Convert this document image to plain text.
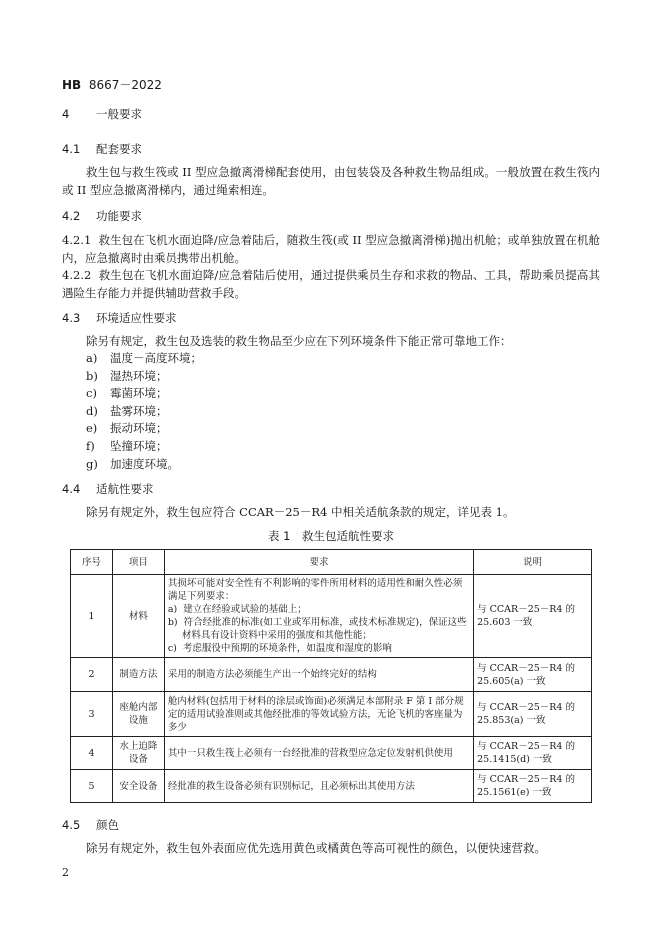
HB 8667－2022
4 一般要求
4.1 配套要求
救生包与救生筏或 II 型应急撤离滑梯配套使用，由包装袋及各种救生物品组成。一般放置在救生筏内或 II 型应急撤离滑梯内，通过绳索相连。
4.2 功能要求
4.2.1 救生包在飞机水面迫降/应急着陆后，随救生筏(或 II 型应急撤离滑梯)抛出机舱；或单独放置在机舱内，应急撤离时由乘员携带出机舱。
4.2.2 救生包在飞机水面迫降/应急着陆后使用，通过提供乘员生存和求救的物品、工具，帮助乘员提高其遇险生存能力并提供辅助营救手段。
4.3 环境适应性要求
除另有规定，救生包及选装的救生物品至少应在下列环境条件下能正常可靠地工作：
a) 温度－高度环境；
b) 湿热环境；
c) 霉菌环境；
d) 盐雾环境；
e) 振动环境；
f) 坠撞环境；
g) 加速度环境。
4.4 适航性要求
除另有规定外，救生包应符合 CCAR－25－R4 中相关适航条款的规定，详见表 1。
表 1　救生包适航性要求
序号	项目	要求	说明
1	材料	其损坏可能对安全性有不利影响的零件所用材料的适用性和耐久性必须满足下列要求：
a)  建立在经验或试验的基础上；
b)  符合经批准的标准(如工业或军用标准，或技术标准规定)，保证这些材料具有设计资料中采用的强度和其他性能；
c)  考虑服役中预期的环境条件，如温度和湿度的影响	与 CCAR－25－R4 的 25.603 一致
2	制造方法	采用的制造方法必须能生产出一个始终完好的结构	与 CCAR－25－R4 的 25.605(a) 一致
3	座舱内部设施	舱内材料(包括用于材料的涂层或饰面)必须满足本部附录 F 第 I 部分规定的适用试验准则或其他经批准的等效试验方法，无论飞机的客座量为多少	与 CCAR－25－R4 的 25.853(a) 一致
4	水上迫降设备	其中一只救生筏上必须有一台经批准的营救型应急定位发射机供使用	与 CCAR－25－R4 的 25.1415(d) 一致
5	安全设备	经批准的救生设备必须有识别标记，且必须标出其使用方法	与 CCAR－25－R4 的 25.1561(e) 一致
4.5 颜色
除另有规定外，救生包外表面应优先选用黄色或橘黄色等高可视性的颜色，以便快速营救。
2
